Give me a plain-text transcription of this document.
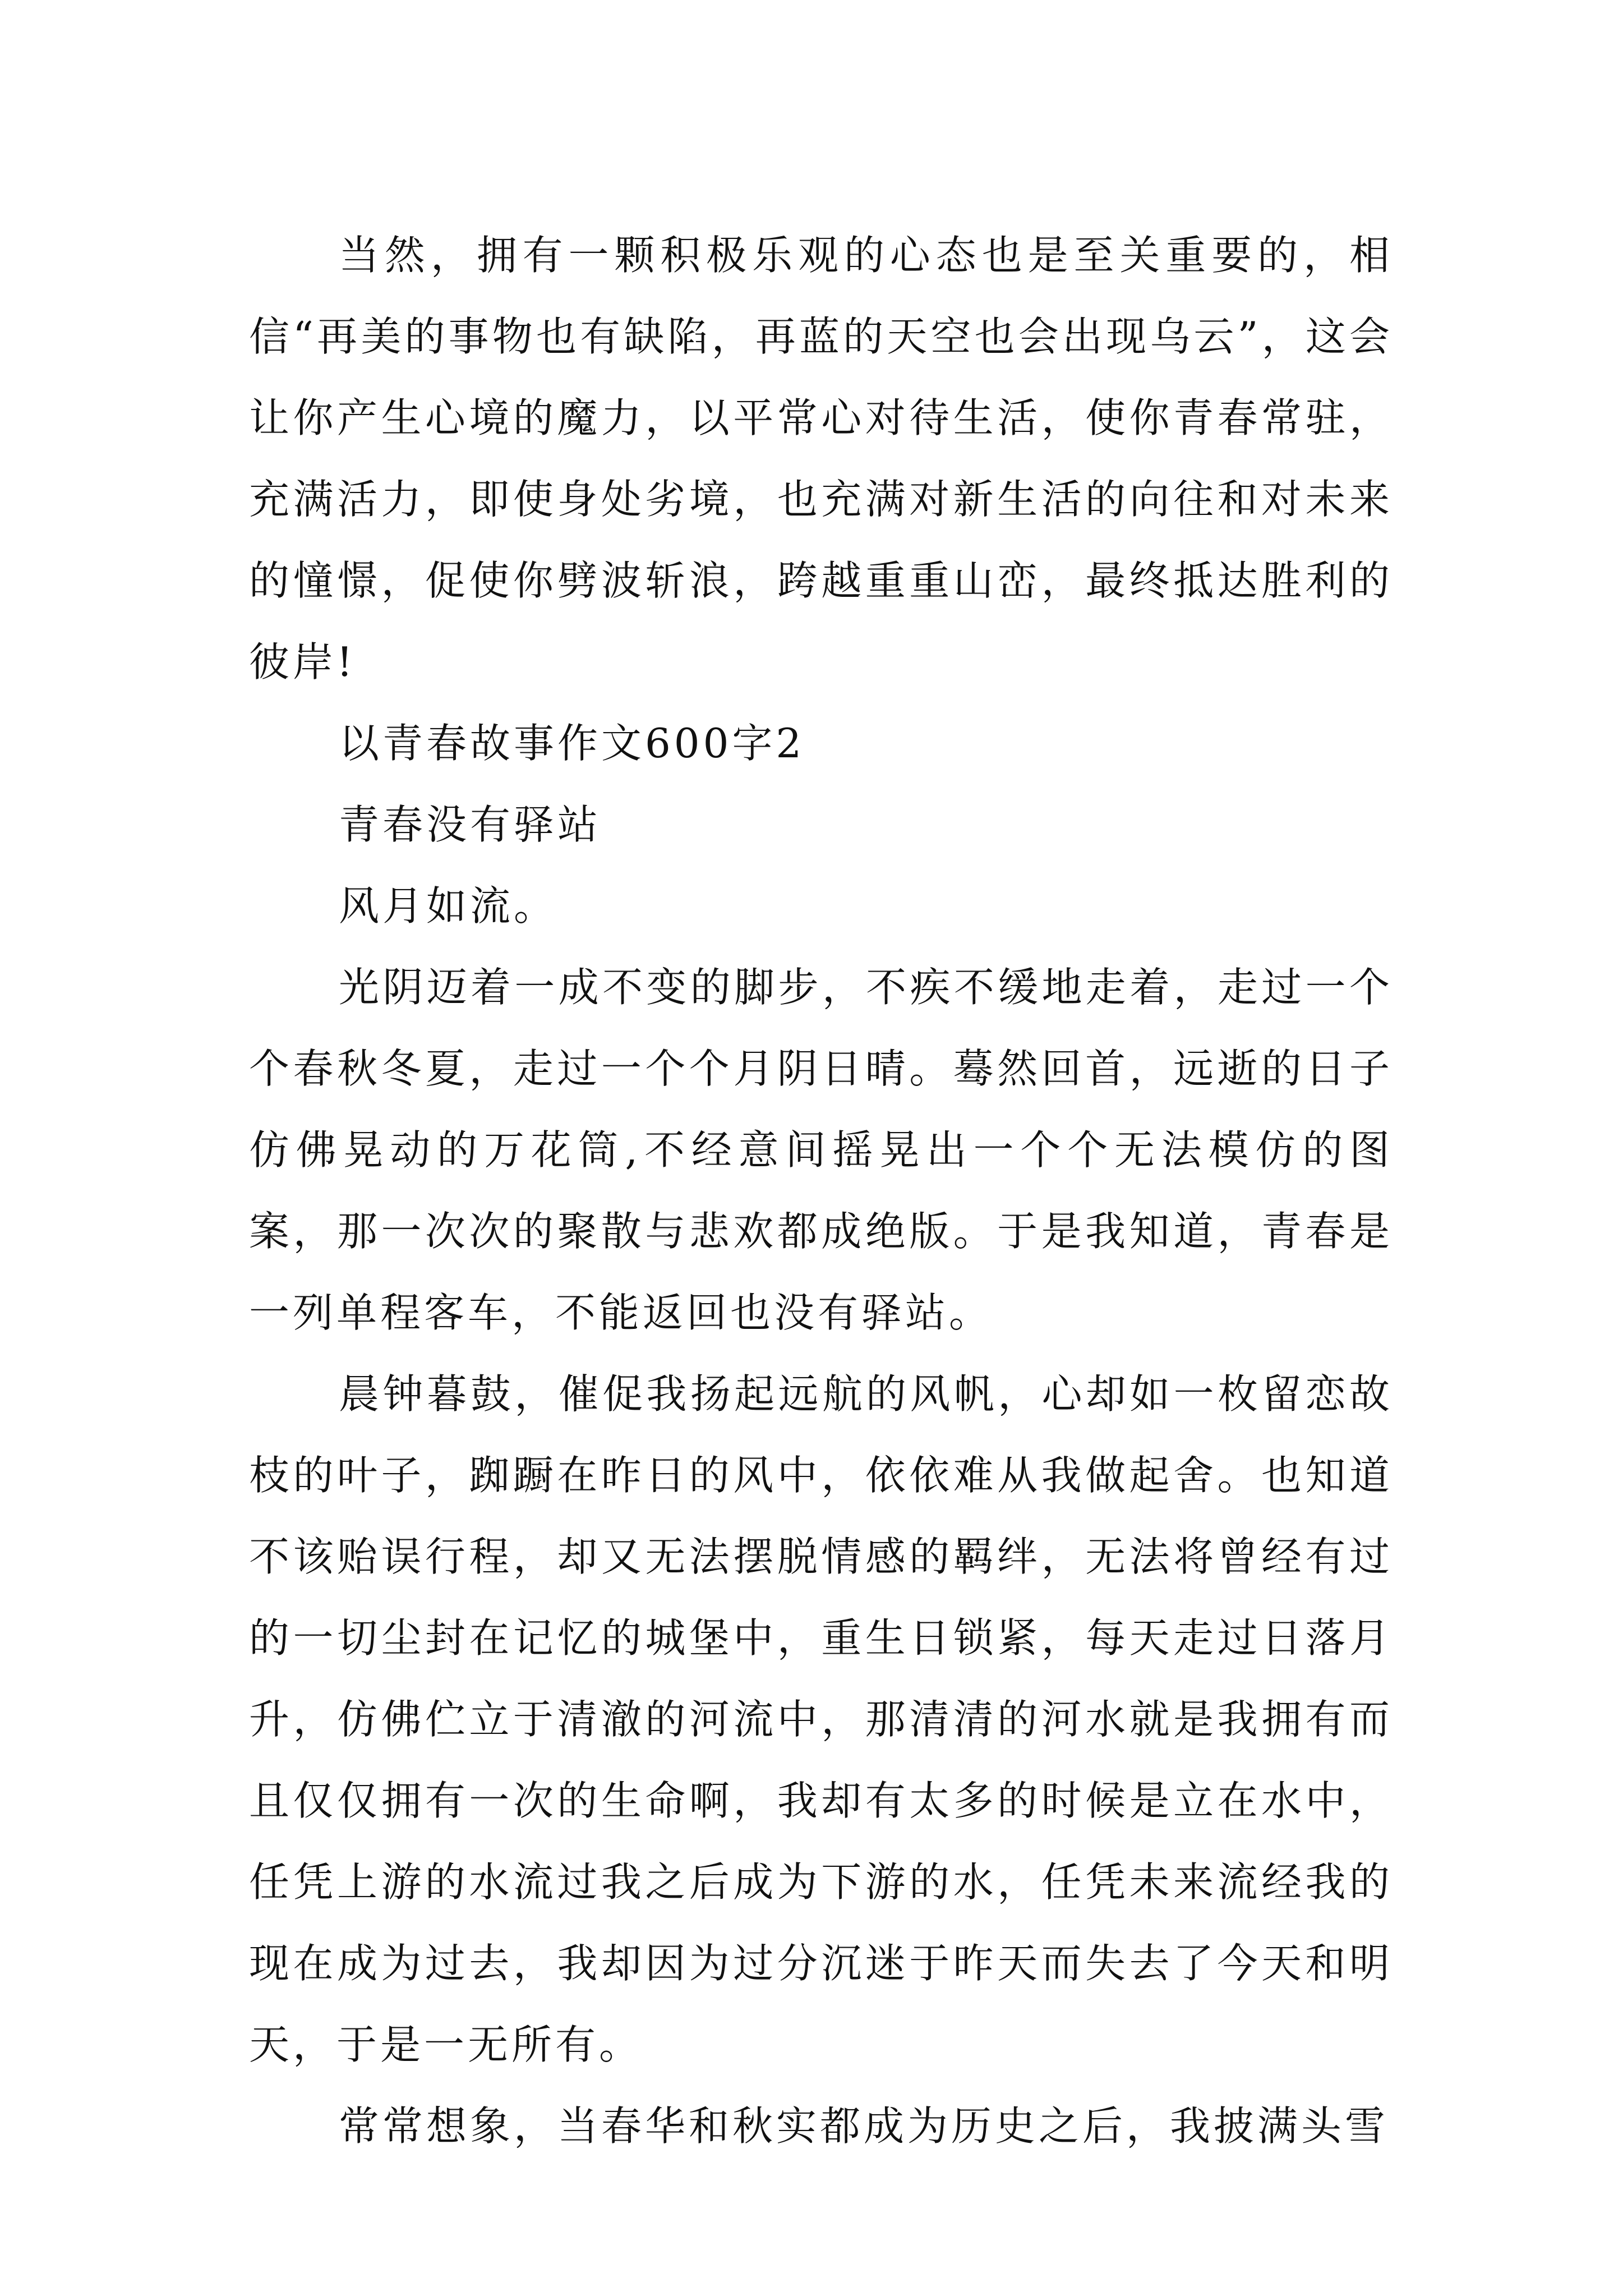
当然，拥有一颗积极乐观的心态也是至关重要的，相信“再美的事物也有缺陷，再蓝的天空也会出现乌云”，这会让你产生心境的魔力，以平常心对待生活，使你青春常驻，充满活力，即使身处劣境，也充满对新生活的向往和对未来的憧憬，促使你劈波斩浪，跨越重重山峦，最终抵达胜利的彼岸!

以青春故事作文600字2

青春没有驿站

风月如流。

光阴迈着一成不变的脚步，不疾不缓地走着，走过一个个春秋冬夏，走过一个个月阴日晴。蓦然回首，远逝的日子仿佛晃动的万花筒,不经意间摇晃出一个个无法模仿的图案，那一次次的聚散与悲欢都成绝版。于是我知道，青春是一列单程客车，不能返回也没有驿站。

晨钟暮鼓，催促我扬起远航的风帆，心却如一枚留恋故枝的叶子，踟蹰在昨日的风中，依依难从我做起舍。也知道不该贻误行程，却又无法摆脱情感的羁绊，无法将曾经有过的一切尘封在记忆的城堡中，重生日锁紧，每天走过日落月升，仿佛伫立于清澈的河流中，那清清的河水就是我拥有而且仅仅拥有一次的生命啊，我却有太多的时候是立在水中，任凭上游的水流过我之后成为下游的水，任凭未来流经我的现在成为过去，我却因为过分沉迷于昨天而失去了今天和明天，于是一无所有。

常常想象，当春华和秋实都成为历史之后，我披满头雪
